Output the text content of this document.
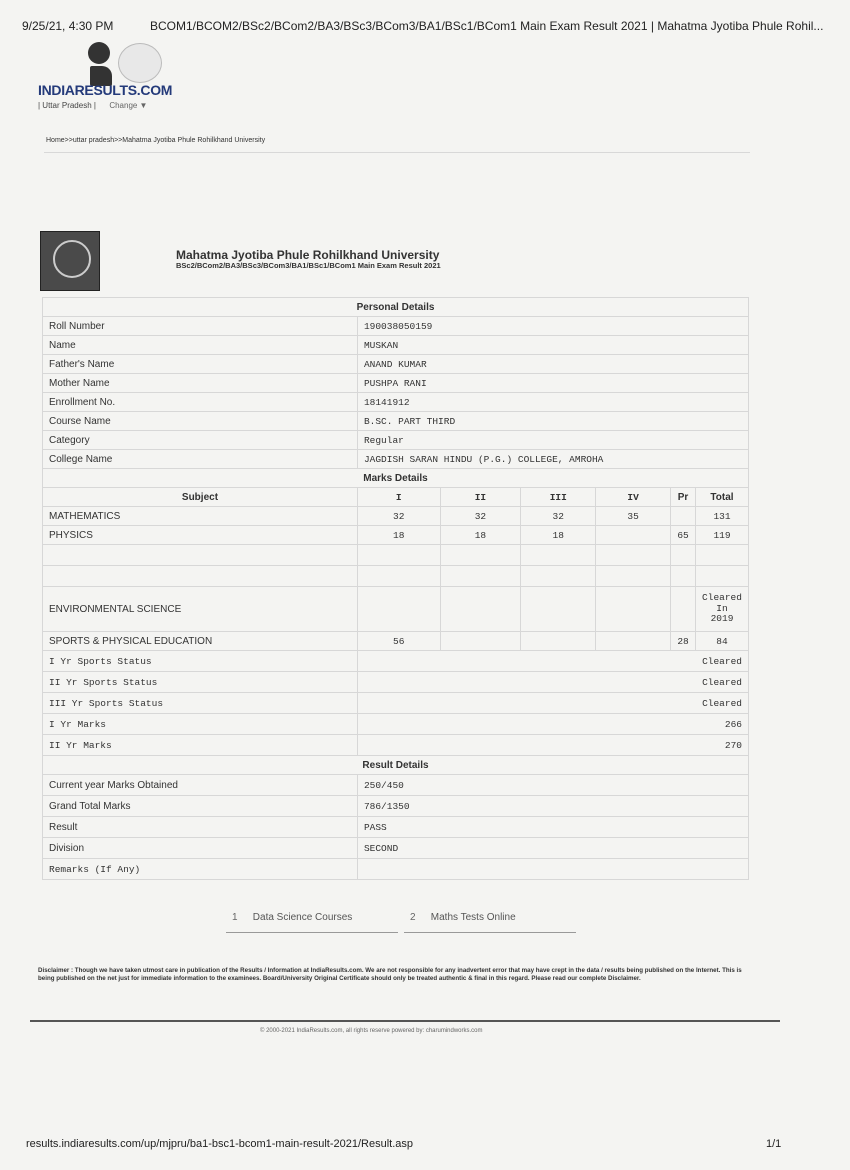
9/25/21, 4:30 PM	BCOM1/BCOM2/BSc2/BCom2/BA3/BSc3/BCom3/BA1/BSc1/BCom1 Main Exam Result 2021 | Mahatma Jyotiba Phule Rohil...
INDIARESULTS.COM
| Uttar Pradesh | Change ▼
Home>>uttar pradesh>>Mahatma Jyotiba Phule Rohilkhand University
Mahatma Jyotiba Phule Rohilkhand University
BSc2/BCom2/BA3/BSc3/BCom3/BA1/BSc1/BCom1 Main Exam Result 2021
Personal Details						
Roll Number	190038050159					
Name	MUSKAN					
Father's Name	ANAND KUMAR					
Mother Name	PUSHPA RANI					
Enrollment No.	18141912					
Course Name	B.SC. PART THIRD					
Category	Regular					
College Name	JAGDISH SARAN HINDU (P.G.) COLLEGE, AMROHA					
Marks Details						
Subject	I	II	III	IV	Pr	Total
MATHEMATICS	32	32	32	35		131
PHYSICS	18	18	18		65	119

ENVIRONMENTAL SCIENCE						Cleared
In
2019

SPORTS & PHYSICAL EDUCATION	56				28	84
I Yr Sports Status	Cleared					
II Yr Sports Status	Cleared					
III Yr Sports Status	Cleared					
I Yr Marks	266					
II Yr Marks	270					
Result Details						
Current year Marks Obtained	250/450					
Grand Total Marks	786/1350					
Result	PASS					
Division	SECOND					
Remarks (If Any)						
1 Data Science Courses	2 Maths Tests Online
Disclaimer : Though we have taken utmost care in publication of the Results / Information at IndiaResults.com. We are not responsible for any inadvertent error that may have crept in the data / results being published on the Internet. This is being published on the net just for immediate information to the examinees. Board/University Original Certificate should only be treated authentic & final in this regard. Please read our complete Disclaimer.
© 2000-2021 IndiaResults.com, all rights reserve powered by: charumindworks.com
results.indiaresults.com/up/mjpru/ba1-bsc1-bcom1-main-result-2021/Result.asp	1/1
